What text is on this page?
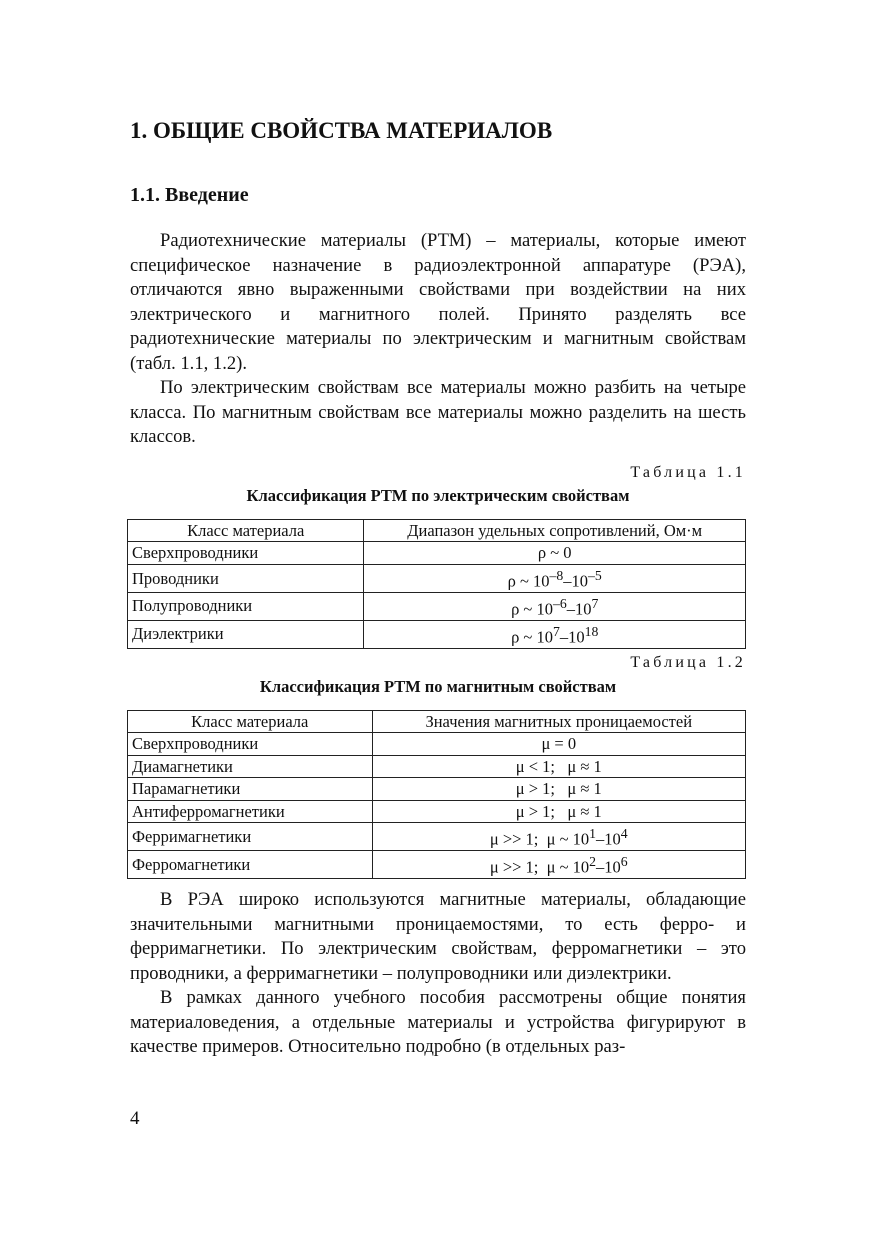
1. ОБЩИЕ СВОЙСТВА МАТЕРИАЛОВ
1.1. Введение

Радиотехнические материалы (РТМ) – материалы, которые имеют специфическое назначение в радиоэлектронной аппаратуре (РЭА), отличаются явно выраженными свойствами при воздействии на них электрического и магнитного полей. Принято разделять все радиотехнические материалы по электрическим и магнитным свойствам (табл. 1.1, 1.2).

По электрическим свойствам все материалы можно разбить на четыре класса. По магнитным свойствам все материалы можно разделить на шесть классов.

Таблица 1.1
Классификация РТМ по электрическим свойствам
Класс материала	Диапазон удельных сопротивлений, Ом·м
Сверхпроводники	ρ ~ 0
Проводники	ρ ~ $10^{-8}-10^{-5}$
Полупроводники	ρ ~ $10^{-6}-10^7$
Диэлектрики	ρ ~ $10^7-10^{18}$
Таблица 1.2
Классификация РТМ по магнитным свойствам
Класс материала	Значения магнитных проницаемостей
Сверхпроводники	μ = 0
Диамагнетики	μ < 1;   μ ≈ 1
Парамагнетики	μ > 1;   μ ≈ 1
Антиферромагнетики	μ > 1;   μ ≈ 1
Ферримагнетики	μ >> 1;  μ ~ $10^1-10^4$
Ферромагнетики	μ >> 1;  μ ~ $10^2-10^6$

В РЭА широко используются магнитные материалы, обладающие значительными магнитными проницаемостями, то есть ферро- и ферримагнетики. По электрическим свойствам, ферромагнетики – это проводники, а ферримагнетики – полупроводники или диэлектрики.

В рамках данного учебного пособия рассмотрены общие понятия материаловедения, а отдельные материалы и устройства фигурируют в качестве примеров. Относительно подробно (в отдельных раз-

4
